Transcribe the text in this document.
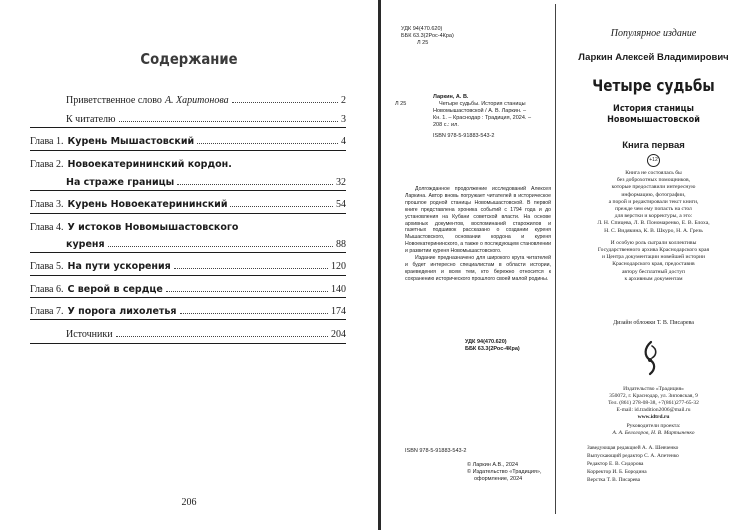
Содержание
Приветственное слово А. Харитонова	2
К читателю	3
Глава 1. Курень Мышастовский	4
Глава 2. Новоекатерининский кордон.
На страже границы	32
Глава 3. Курень Новоекатерининский	54
Глава 4. У истоков Новомышастовского
куреня	88
Глава 5. На пути ускорения	120
Глава 6. С верой в сердце	140
Глава 7. У порога лихолетья	174
Источники	204
206
УДК 94(470.620)
ББК 63.3(2Рос-4Кра)
Л 25
Л 25
Ларкин, А. В.
Четыре судьбы. История станицы
Новомышастовской / А. В. Ларкин. –
Кн. 1. – Краснодар : Традиция, 2024. –
208 с.: ил.
ISBN 978-5-91883-543-2

Долгожданное продолжение исследований Алексея Ларкина. Автор вновь погружает читателей в историческое прошлое родной станицы Новомышастовской. В первой книге представлена хроника событий с 1794 года и до установления на Кубани советской власти. На основе архивных документов, воспоминаний старожилов и газетных подшивок рассказано о создании куреня Мышастовского, основании кордона и куреня Новоекатерининского, а также о последующем становлении и развитии куреня Новомышастовского.

Издание предназначено для широкого круга читателей и будет интересно специалистам в области истории, краеведения и всем тем, кто бережно относится к сохранению исторического прошлого своей малой родины.

УДК 94(470.620)
ББК 63.3(2Рос-4Кра)
ISBN 978-5-91883-543-2
© Ларкин А.В., 2024
© Издательство «Традиция»,
оформление, 2024
Популярное издание
Ларкин Алексей Владимирович
Четыре судьбы
История станицы
Новомышастовской
Книга первая
+12
Книга не состоялась бы
без доброхотных помощников,
которые предоставили интересную
информацию, фотографии,
а порой и редактировали текст книги,
прежде чем ему попасть на стол
для верстки и корректуры, а это:
Л. Н. Спицева, Л. В. Пономаренко, Е. В. Блоха,
Н. С. Видякина, К. В. Шкуро, Н. А. Грезь
И особую роль сыграли коллективы
Государственного архива Краснодарского края
и Центра документации новейшей истории
Краснодарского края, предоставив
автору бесплатный доступ
к архивным документам
Дизайн обложки Т. В. Писарева
Издательство «Традиция»
350072, г. Краснодар, ул. Зиповская, 9
Тел. (861) 278-08-38, +7(861)277-65-32
E-mail: id.tradition2006@mail.ru
www.idtrd.ru
Руководители проекта:
А. А. Белогоров, Н. В. Мартыненко
Заведующая редакцией А. А. Шевченко
Выпускающий редактор С. А. Апетенко
Редактор Е. В. Сидорова
Корректор И. Б. Бородина
Верстка Т. В. Писарева
